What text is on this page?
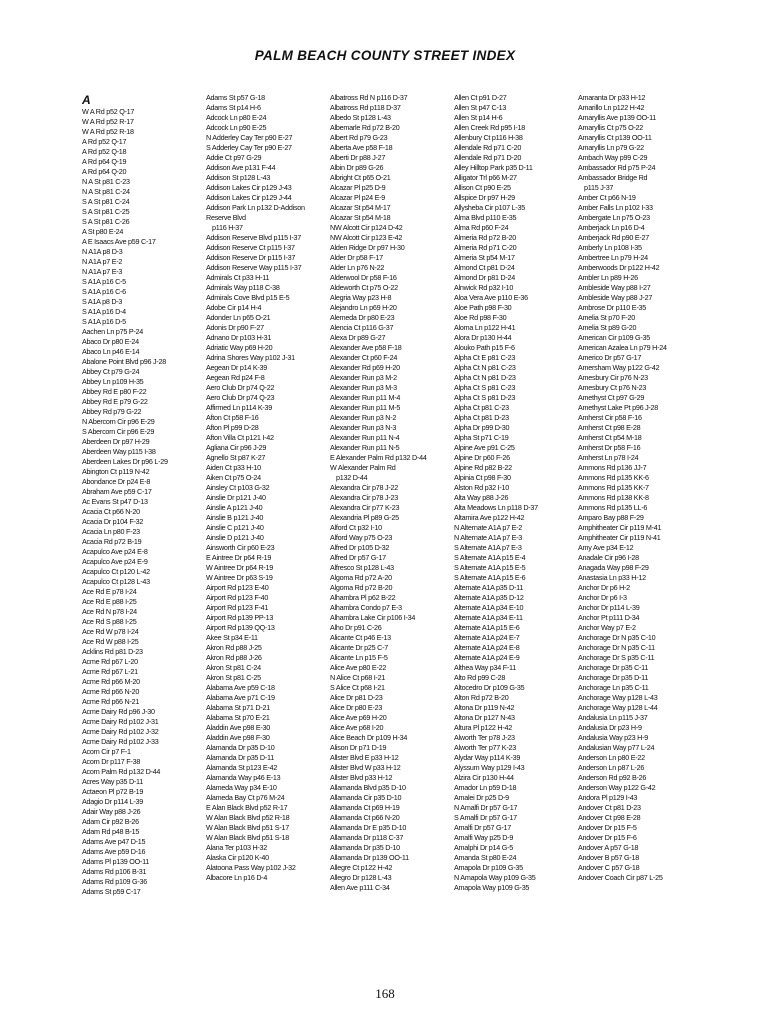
PALM BEACH COUNTY STREET INDEX
A
W A Rd p52 Q-17
W A Rd p52 R-17
W A Rd p52 R-18
A Rd p52 Q-17
A Rd p52 Q-18
A Rd p64 Q-19
A Rd p64 Q-20
N A St p81 C-23
N A St p81 C-24
S A St p81 C-24
S A St p81 C-25
S A St p81 C-26
A St p80 E-24
A E Isaacs Ave p59 C-17
N A1A p8 D-3
N A1A p7 E-2
N A1A p7 E-3
S A1A p16 C-5
S A1A p16 C-6
S A1A p8 D-3
S A1A p16 D-4
S A1A p16 D-5
Aachen Ln p75 P-24
Abaco Dr p80 E-24
Abaco Ln p46 E-14
Abalone Point Blvd p96 J-28
Abbey Ct p79 G-24
Abbey Ln p109 H-35
Abbey Rd E p80 F-22
Abbey Rd E p79 G-22
Abbey Rd p79 G-22
N Abercorn Cir p96 E-29
S Abercorn Cir p96 E-29
Aberdeen Dr p97 H-29
Aberdeen Way p115 I-38
Aberdeen Lakes Dr p96 L-29
Abington Ct p119 N-42
Abondance Dr p24 E-8
Abraham Ave p59 C-17
Ac Evans St p47 D-13
Acacia Ct p66 N-20
Acacia Dr p104 F-32
Acacia Ln p80 F-23
Acacia Rd p72 B-19
Acapulco Ave p24 E-8
Acapulco Ave p24 E-9
Acapulco Ct p120 L-42
Acapulco Ct p128 L-43
Ace Rd E p78 I-24
Ace Rd E p88 I-25
Ace Rd N p78 I-24
Ace Rd S p88 I-25
Ace Rd W p78 I-24
Ace Rd W p88 I-25
Acklins Rd p81 D-23
Acme Rd p67 L-20
Acme Rd p67 L-21
Acme Rd p66 M-20
Acme Rd p66 N-20
Acme Rd p66 N-21
Acme Dairy Rd p96 J-30
Acme Dairy Rd p102 J-31
Acme Dairy Rd p102 J-32
Acme Dairy Rd p102 J-33
Acorn Cir p7 F-1
Acorn Dr p117 F-38
Acorn Palm Rd p132 D-44
Acres Way p35 D-11
Actaeon Pl p72 B-19
Adagio Dr p114 L-39
Adair Way p88 J-26
Adam Cir p92 B-26
Adam Rd p48 B-15
Adams Ave p47 D-15
Adams Ave p59 D-16
Adams Pl p139 OO-11
Adams Rd p106 B-31
Adams Rd p109 G-36
Adams St p59 C-17
Adams St p57 G-18
Adams St p14 H-6
Adcock Ln p80 E-24
Adcock Ln p90 E-25
N Adderley Cay Ter p90 E-27
S Adderley Cay Ter p90 E-27
Addie Ct p97 G-29
Addison Ave p131 F-44
Addison St p128 L-43
Addison Lakes Cir p129 J-43
Addison Lakes Cir p129 J-44
Addison Park Ln p132 D-Addison
Reserve Blvd
p116 H-37
Addison Reserve Blvd p115 I-37
Addison Reserve Ct p115 I-37
Addison Reserve Dr p115 I-37
Addison Reserve Way p115 I-37
Admirals Ct p33 H-11
Admirals Way p118 C-38
Admirals Cove Blvd p15 E-5
Adobe Cir p14 H-4
Adonder Ln p65 O-21
Adonis Dr p90 F-27
Adnano Dr p103 H-31
Adriatic Way p69 H-20
Adrina Shores Way p102 J-31
Aegean Dr p14 K-39
Aegean Rd p24 F-8
Aero Club Dr p74 Q-22
Aero Club Dr p74 Q-23
Affirmed Ln p114 K-39
Afton Ct p58 F-16
Afton Pl p99 D-28
Afton Villa Ct p121 I-42
Agliana Cir p96 J-29
Agnello St p87 K-27
Aiden Ct p33 H-10
Aiken Ct p75 O-24
Ainsley Ct p103 G-32
Ainslie Dr p121 J-40
Ainslie A p121 J-40
Ainslie B p121 J-40
Ainslie C p121 J-40
Ainslie D p121 J-40
Ainsworth Cir p60 E-23
E Aintree Dr p64 R-19
W Aintree Dr p64 R-19
W Aintree Dr p63 S-19
Airport Rd p123 E-40
Airport Rd p123 F-40
Airport Rd p123 F-41
Airport Rd p139 PP-13
Airport Rd p139 QQ-13
Akee St p34 E-11
Akron Rd p88 J-25
Akron Rd p88 J-26
Akron St p81 C-24
Akron St p81 C-25
Alabama Ave p59 C-18
Alabama Ave p71 C-19
Alabama St p71 D-21
Alabama St p70 E-21
Aladdin Ave p98 E-30
Aladdin Ave p98 F-30
Alamanda Dr p35 D-10
Alamanda Dr p35 D-11
Alamanda St p123 E-42
Alamanda Way p46 E-13
Alameda Way p34 E-10
Alameda Bay Ct p76 M-24
E Alan Black Blvd p52 R-17
W Alan Black Blvd p52 R-18
W Alan Black Blvd p51 S-17
W Alan Black Blvd p51 S-18
Alana Ter p103 H-32
Alaska Cir p120 K-40
Alatoona Pass Way p102 J-32
Albacore Ln p16 D-4
Albatross Rd N p116 D-37
Albatross Rd p118 D-37
Albedo St p128 L-43
Albemarle Rd p72 B-20
Albert Rd p79 G-23
Alberta Ave p58 F-18
Alberti Dr p88 J-27
Albin Dr p89 G-26
Albright Ct p65 O-21
Alcazar Pl p25 D-9
Alcazar Pl p24 E-9
Alcazar St p54 M-17
Alcazar St p54 M-18
NW Alcott Cir p124 D-42
NW Alcott Cir p123 E-42
Alden Ridge Dr p97 H-30
Alder Dr p58 F-17
Alder Ln p76 N-22
Alderwool Dr p58 F-16
Aldeworth Ct p75 O-22
Alegria Way p23 H-8
Alejandro Ln p69 H-20
Alemeda Dr p80 E-23
Alencia Ct p116 G-37
Alexa Dr p89 G-27
Alexander Ave p58 F-18
Alexander Ct p60 F-24
Alexander Rd p69 H-20
Alexander Run p3 M-2
Alexander Run p3 M-3
Alexander Run p11 M-4
Alexander Run p11 M-5
Alexander Run p3 N-2
Alexander Run p3 N-3
Alexander Run p11 N-4
Alexander Run p11 N-5
E Alexander Palm Rd p132 D-44
W Alexander Palm Rd
p132 D-44
Alexandra Cir p78 J-22
Alexandra Cir p78 J-23
Alexandra Cir p77 K-23
Alexandria Pl p89 G-25
Alford Ct p32 I-10
Alford Way p75 O-23
Alfred Dr p105 D-32
Alfred Dr p57 G-17
Alfresco St p128 L-43
Algoma Rd p72 A-20
Algoma Rd p72 B-20
Alhambra Pl p62 B-22
Alhambra Condo p7 E-3
Alhambra Lake Cir p106 I-34
Alho Dr p91 C-26
Alicante Ct p46 E-13
Alicante Dr p25 C-7
Alicante Ln p15 F-5
Alice Ave p80 E-22
N Alice Ct p68 I-21
S Alice Ct p68 I-21
Alice Dr p81 D-23
Alice Dr p80 E-23
Alice Ave p69 H-20
Alice Ave p68 I-20
Alice Beach Dr p109 H-34
Alison Dr p71 D-19
Allster Blvd E p33 H-12
Allster Blvd W p33 H-12
Allster Blvd p33 H-12
Allamanda Blvd p35 D-10
Allamanda Cir p35 D-10
Allamanda Ct p69 H-19
Allamanda Ct p66 N-20
Allamanda Dr E p35 D-10
Allamanda Dr p118 C-37
Allamanda Dr p35 D-10
Allamanda Dr p139 OO-11
Allegre Ct p122 H-42
Allegro Dr p128 L-43
Allen Ave p111 C-34
Allen Ct p91 D-27
Allen St p47 C-13
Allen St p14 H-6
Allen Creek Rd p95 I-18
Allenbury Ct p116 H-38
Allendale Rd p71 C-20
Allendale Rd p71 D-20
Alley Hilltop Park p35 D-11
Alligator Trl p66 M-27
Allison Ct p90 E-25
Allspice Dr p97 H-29
Allysheba Cir p107 L-35
Alma Blvd p110 E-35
Alma Rd p60 F-24
Almeria Rd p72 B-20
Almeria Rd p71 C-20
Almeria St p54 M-17
Almond Ct p81 D-24
Almond Dr p81 D-24
Alnwick Rd p32 I-10
Aloa Vera Ave p110 E-36
Aloe Path p98 F-30
Aloe Rd p98 F-30
Aloma Ln p122 H-41
Alora Dr p130 H-44
Alouko Path p15 F-6
Alpha Ct E p81 C-23
Alpha Ct N p81 C-23
Alpha Ct N p81 D-23
Alpha Ct S p81 C-23
Alpha Ct S p81 D-23
Alpha Ct p81 C-23
Alpha Ct p81 D-23
Alpha Dr p99 D-30
Alpha St p71 C-19
Alpine Ave p91 C-25
Alpine Dr p60 F-26
Alpine Rd p82 B-22
Alpinia Ct p98 F-30
Alston Rd p32 I-10
Alta Way p88 J-26
Alta Meadows Ln p118 D-37
Altamira Ave p122 H-42
N Alternate A1A p7 E-2
N Alternate A1A p7 E-3
S Alternate A1A p7 E-3
S Alternate A1A p15 E-4
S Alternate A1A p15 E-5
S Alternate A1A p15 E-6
Alternate A1A p35 D-11
Alternate A1A p35 D-12
Alternate A1A p34 E-10
Alternate A1A p34 E-11
Alternate A1A p15 E-6
Alternate A1A p24 E-7
Alternate A1A p24 E-8
Alternate A1A p24 E-9
Althea Way p34 F-11
Alto Rd p99 C-28
Altocedro Dr p109 G-35
Alton Rd p72 B-20
Altona Dr p119 N-42
Altona Dr p127 N-43
Altura Pl p122 H-42
Alworth Ter p78 J-23
Alworth Ter p77 K-23
Alydar Way p114 K-39
Alyssum Way p129 I-43
Alzira Cir p130 H-44
Amador Ln p59 D-18
Amalei Dr p25 D-9
N Amalfi Dr p57 G-17
S Amalfi Dr p57 G-17
Amalfi Dr p57 G-17
Amalfi Way p25 D-9
Amalphi Dr p14 G-5
Amanda St p80 E-24
Amapola Dr p109 G-35
N Amapola Way p109 G-35
Amapola Way p109 G-35
Amaranta Dr p33 H-12
Amarillo Ln p122 H-42
Amaryllis Ave p139 OO-11
Amaryllis Ct p75 O-22
Amaryllis Ct p139 OO-11
Amaryllis Ln p79 G-22
Ambach Way p99 C-29
Ambassador Rd p75 P-24
Ambassador Bridge Rd
p115 J-37
Amber Ct p66 N-19
Amber Falls Ln p102 I-33
Ambergate Ln p75 O-23
Amberjack Ln p16 D-4
Amberjack Rd p90 E-27
Amberly Ln p108 I-35
Ambertree Ln p79 H-24
Amberwoods Dr p122 H-42
Ambler Ln p89 H-26
Ambleside Way p88 I-27
Ambleside Way p88 J-27
Ambrose Dr p110 E-35
Amelia St p70 F-20
Amelia St p89 G-20
American Cir p109 G-35
American Azalea Ln p79 H-24
Americo Dr p57 G-17
Amersham Way p122 G-42
Amesbury Cir p76 N-23
Amesbury Ct p76 N-23
Amethyst Ct p97 G-29
Amethyst Lake Pt p96 J-28
Amherst Cir p58 F-16
Amherst Ct p98 E-28
Amherst Ct p54 M-18
Amherst Dr p58 F-16
Amherst Ln p78 I-24
Ammons Rd p136 JJ-7
Ammons Rd p135 KK-6
Ammons Rd p135 KK-7
Ammons Rd p138 KK-8
Ammons Rd p135 LL-6
Amparo Bay p88 F-29
Amphitheater Cir p119 M-41
Amphitheater Cir p119 N-41
Amy Ave p34 E-12
Anadale Cir p96 I-28
Anagada Way p98 F-29
Anastasia Ln p33 H-12
Anchor Dr p6 H-2
Anchor Dr p6 I-3
Anchor Dr p114 L-39
Anchor Pt p111 D-34
Anchor Way p7 E-2
Anchorage Dr N p35 C-10
Anchorage Dr N p35 C-11
Anchorage Dr S p35 C-11
Anchorage Dr p35 C-11
Anchorage Dr p35 D-11
Anchorage Ln p35 C-11
Anchorage Way p128 L-43
Anchorage Way p128 L-44
Andalusia Ln p115 J-37
Andalusia Dr p23 H-9
Andalusia Way p23 H-9
Andalusian Way p77 L-24
Anderson Ln p80 E-22
Anderson Ln p87 L-26
Anderson Rd p92 B-26
Anderson Way p122 G-42
Andora Pl p129 I-43
Andover Ct p81 D-23
Andover Ct p98 E-28
Andover Dr p15 F-5
Andover Dr p15 F-6
Andover A p57 G-18
Andover B p57 G-18
Andover C p57 G-18
Andover Coach Cir p87 L-25
168
